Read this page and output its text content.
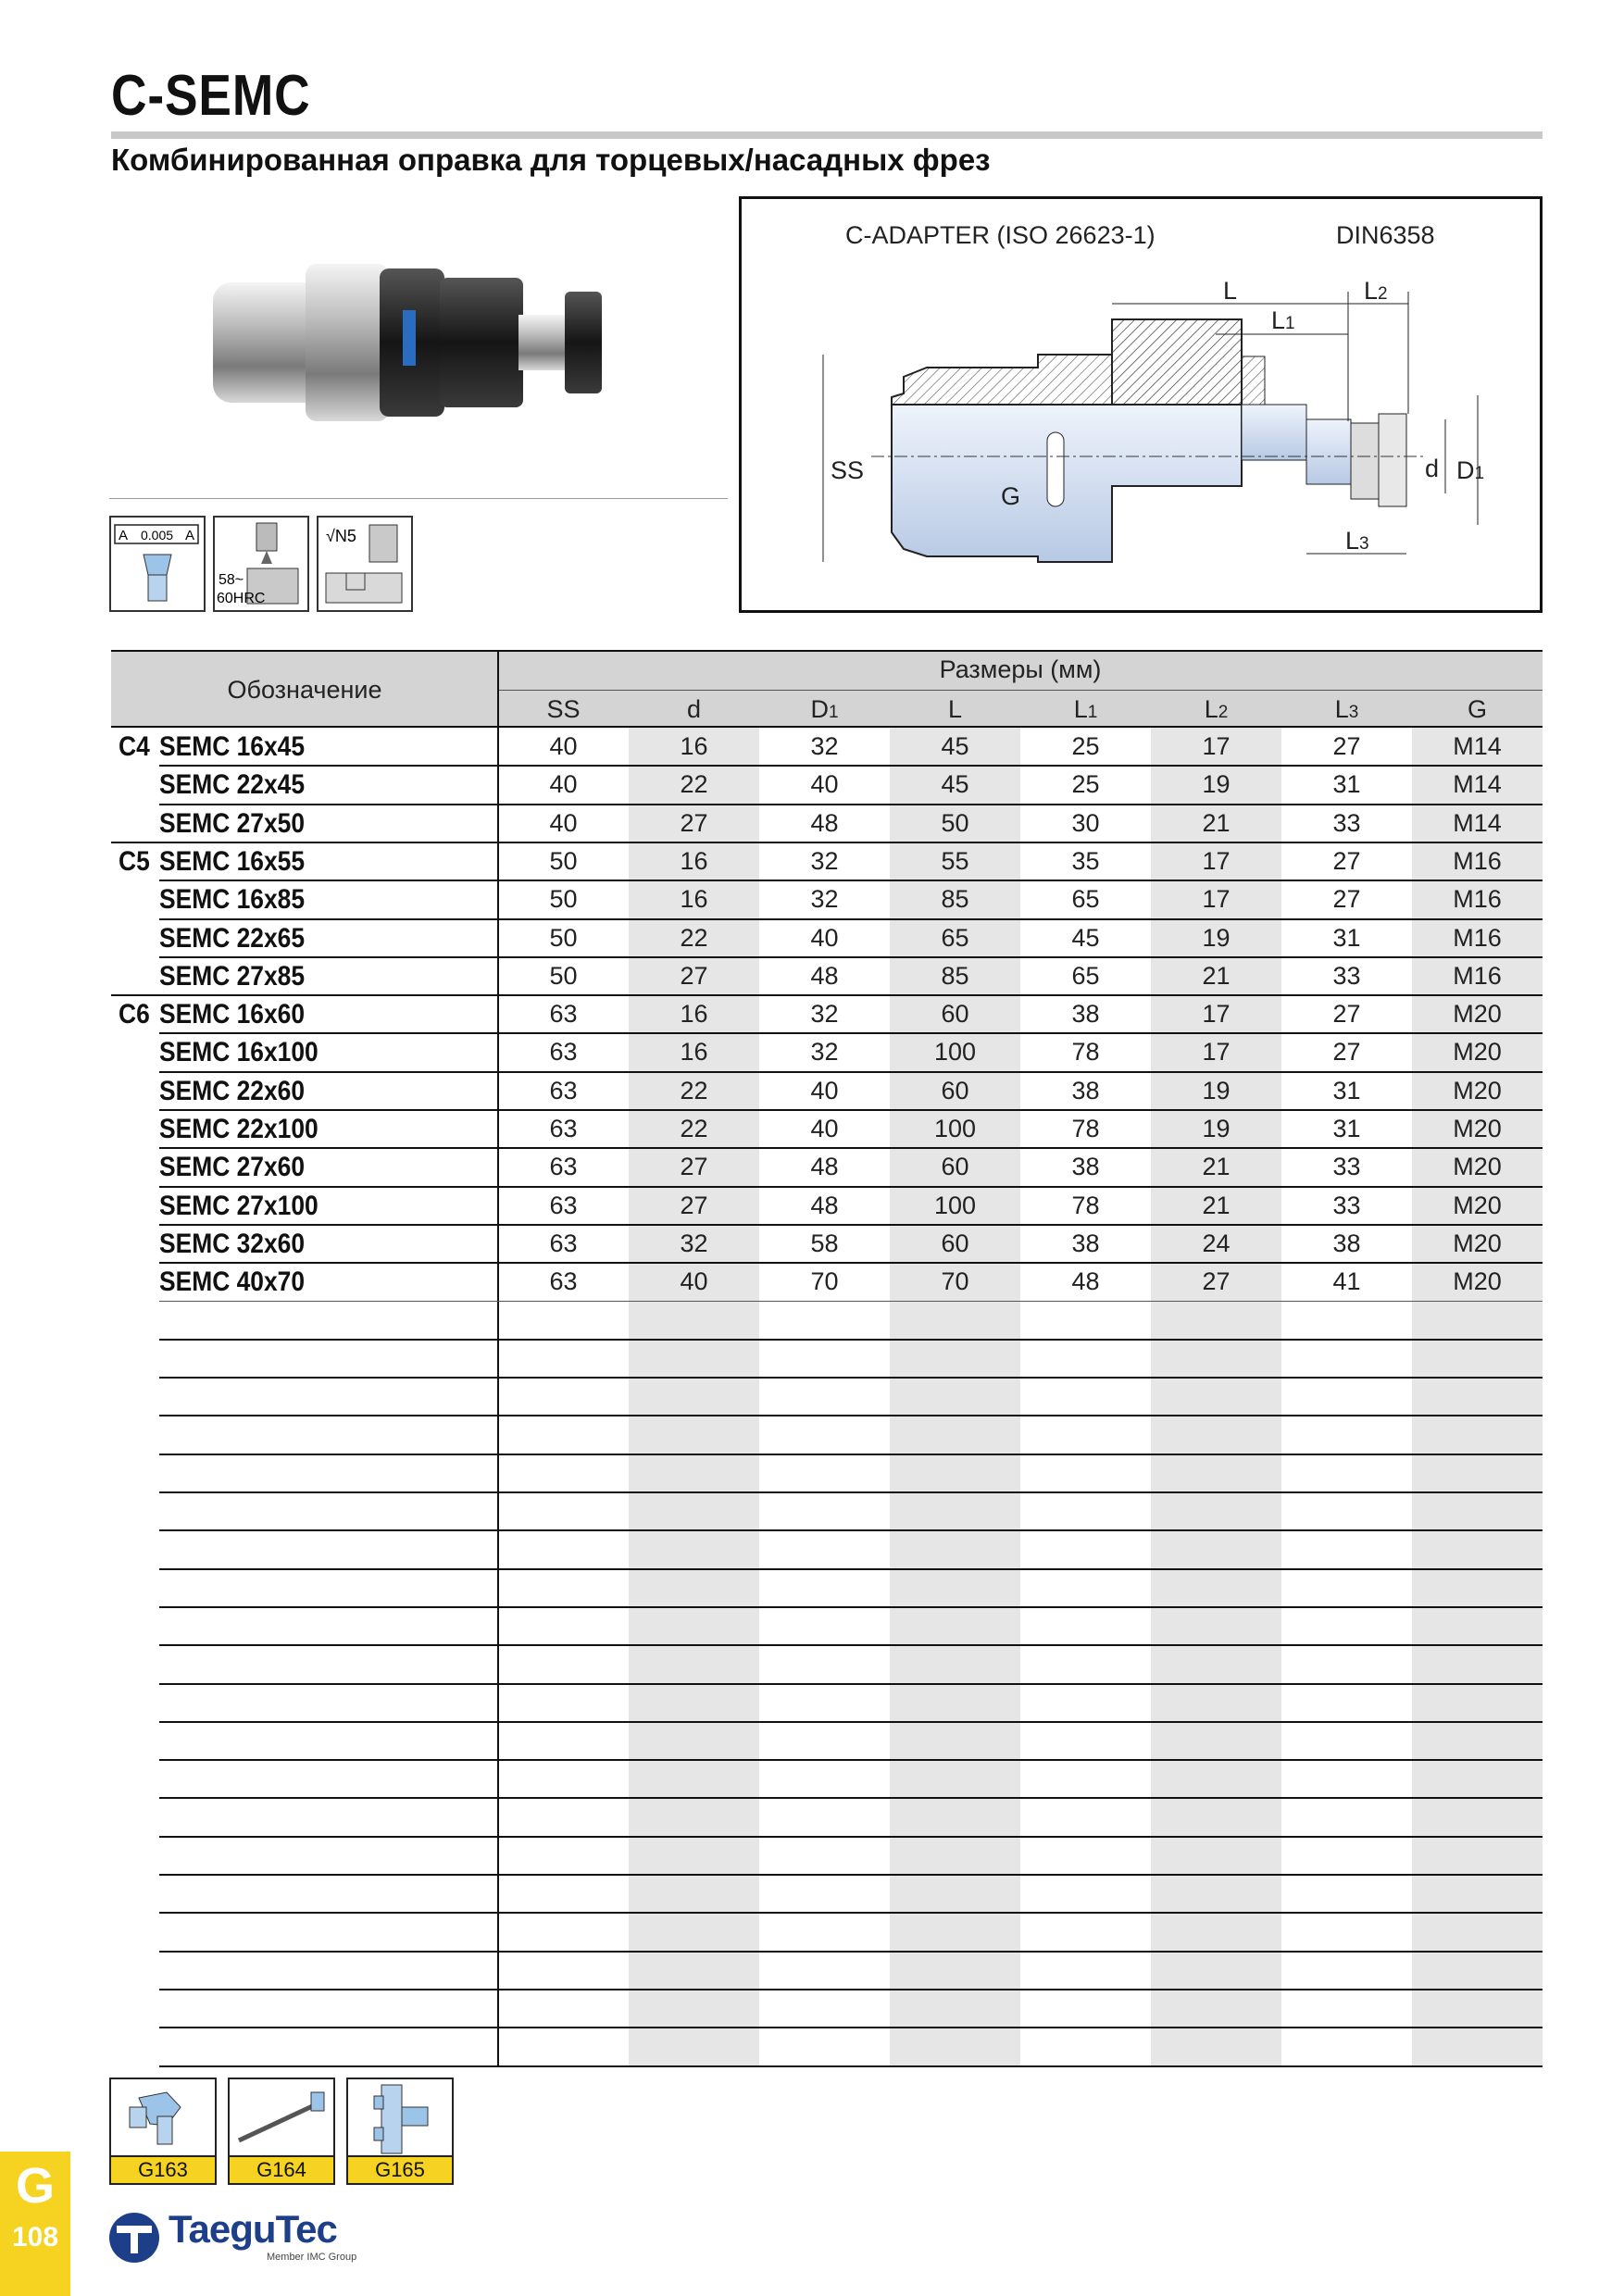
C-SEMC
Комбинированная оправка для торцевых/насадных фрез
A 0.005 A
58~
60HRC
√N5
C-ADAPTER (ISO 26623-1)	DIN6358
L	L2
L1
SS
G
d D1
L3
Обозначение
Размеры (мм)
SS	d	D1	L	L1	L2	L3	G
C4 SEMC 16x45	40	16	32	45	25	17	27	M14
SEMC 22x45	40	22	40	45	25	19	31	M14
SEMC 27x50	40	27	48	50	30	21	33	M14
C5 SEMC 16x55	50	16	32	55	35	17	27	M16
SEMC 16x85	50	16	32	85	65	17	27	M16
SEMC 22x65	50	22	40	65	45	19	31	M16
SEMC 27x85	50	27	48	85	65	21	33	M16
C6 SEMC 16x60	63	16	32	60	38	17	27	M20
SEMC 16x100	63	16	32	100	78	17	27	M20
SEMC 22x60	63	22	40	60	38	19	31	M20
SEMC 22x100	63	22	40	100	78	19	31	M20
SEMC 27x60	63	27	48	60	38	21	33	M20
SEMC 27x100	63	27	48	100	78	21	33	M20
SEMC 32x60	63	32	58	60	38	24	38	M20
SEMC 40x70	63	40	70	70	48	27	41	M20
G163	G164	G165
G
108	TaeguTec
Member IMC Group
